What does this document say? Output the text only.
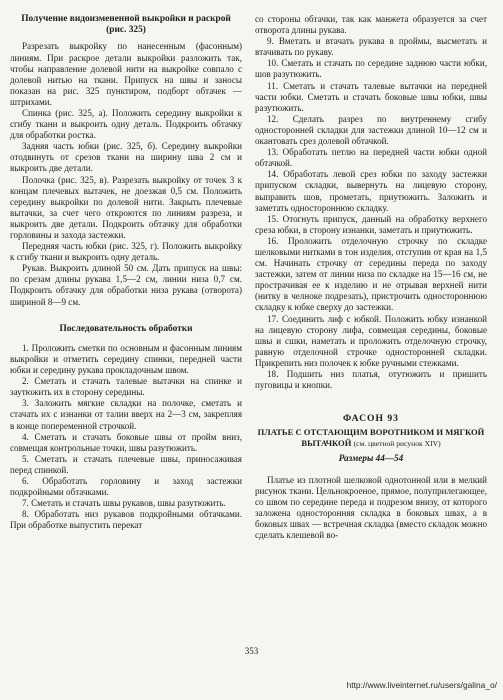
Получение видоизмененной выкройки и раскрой (рис. 325)

Разрезать выкройку по нанесенным (фасонным) линиям. При раскрое детали выкройки разложить так, чтобы направление долевой нити на выкройке совпало с долевой нитью на ткани. Припуск на швы и заносы показан на рис. 325 пунктиром, подборт обтачек — штрихами.

Спинка (рис. 325, а). Положить середину выкройки к сгибу ткани и выкроить одну деталь. Подкроить обтачку для обработки ростка.

Задняя часть юбки (рис. 325, б). Середину выкройки отодвинуть от срезов ткани на ширину шва 2 см и выкроить две детали.

Полочка (рис. 325, в). Разрезать выкройку от точек 3 к концам плечевых вытачек, не доезжая 0,5 см. Положить середину выкройки по долевой нити. Закрыть плечевые вытачки, за счет чего откроются по линиям разреза, и выкроить две детали. Подкроить обтачку для обработки горловины и захода застежки.

Передняя часть юбки (рис. 325, г). Положить выкройку к сгибу ткани и выкроить одну деталь.

Рукав. Выкроить длиной 50 см. Дать припуск на швы: по срезам длины рукава 1,5—2 см, линии низа 0,7 см. Подкроить обтачку для обработки низа рукава (отворота) шириной 8—9 см.

Последовательность обработки

1. Проложить сметки по основным и фасонным линиям выкройки и отметить середину спинки, передней части юбки и середину рукава прокладочным швом.

2. Сметать и стачать талевые вытачки на спинке и заутюжить их в сторону середины.

3. Заложить мягкие складки на полочке, сметать и стачать их с изнанки от талии вверх на 2—3 см, закрепляя в конце попеременной строчкой.

4. Сметать и стачать боковые швы от пройм вниз, совмещая контрольные точки, швы разутюжить.

5. Сметать и стачать плечевые швы, приносаживая перед спинкой.

6. Обработать горловину и заход застежки подкройными обтачками.

7. Сметать и стачать швы рукавов, швы разутюжить.

8. Обработать низ рукавов подкройными обтачками. При обработке выпустить перекат

со стороны обтачки, так как манжета образуется за счет отворота длины рукава.

9. Вметать и втачать рукава в проймы, высметать и втачивать по рукаву.

10. Сметать и стачать по середине заднюю части юбки, шов разутюжить.

11. Сметать и стачать талевые вытачки на передней части юбки. Сметать и стачать боковые швы юбки, швы разутюжить.

12. Сделать разрез по внутреннему сгибу односторонней складки для застежки длиной 10—12 см и окантовать срез долевой обтачкой.

13. Обработать петлю на передней части юбки одной обтачкой.

14. Обработать левой срез юбки по заходу застежки припуском складки, вывернуть на лицевую сторону, выправить шов, прометать, приутюжить. Заложить и заметать одностороннюю складку.

15. Отогнуть припуск, данный на обработку верхнего среза юбки, в сторону изнанки, заметать и приутюжить.

16. Проложить отделочную строчку по складке шелковыми нитками в тон изделия, отступив от края на 1,5 см. Начинать строчку от середины переда по заходу застежки, затем от линии низа по складке на 15—16 см, не прострачивая ее к изделию и не отрывая верхней нити (нитку в челноке подрезать), пристрочить одностороннюю складку к юбке сверху до застежки.

17. Соединить лиф с юбкой. Положить юбку изнанкой на лицевую сторону лифа, совмещая середины, боковые швы и сшки, наметать и проложить отделочную строчку, равную отделочной строчке односторонней складки. Прикрепить низ полочек к юбке ручными стежками.

18. Подшить низ платья, отутюжить и пришить пуговицы и кнопки.

ФАСОН 93
ПЛАТЬЕ С ОТСТАЮЩИМ ВОРОТНИКОМ И МЯГКОЙ ВЫТАЧКОЙ (см. цветной рисунок XIV)
Размеры 44—54

Платье из плотной шелковой однотонной или в мелкий рисунок ткани. Цельнокроеное, прямое, полуприлегающее, со швом по середине переда и подрезом внизу, от которого заложена односторонняя складка в боковых швах, а в боковых швах — встречная складка (вместо складок можно сделать клешевой во-

353
http://www.liveinternet.ru/users/galina_o/
